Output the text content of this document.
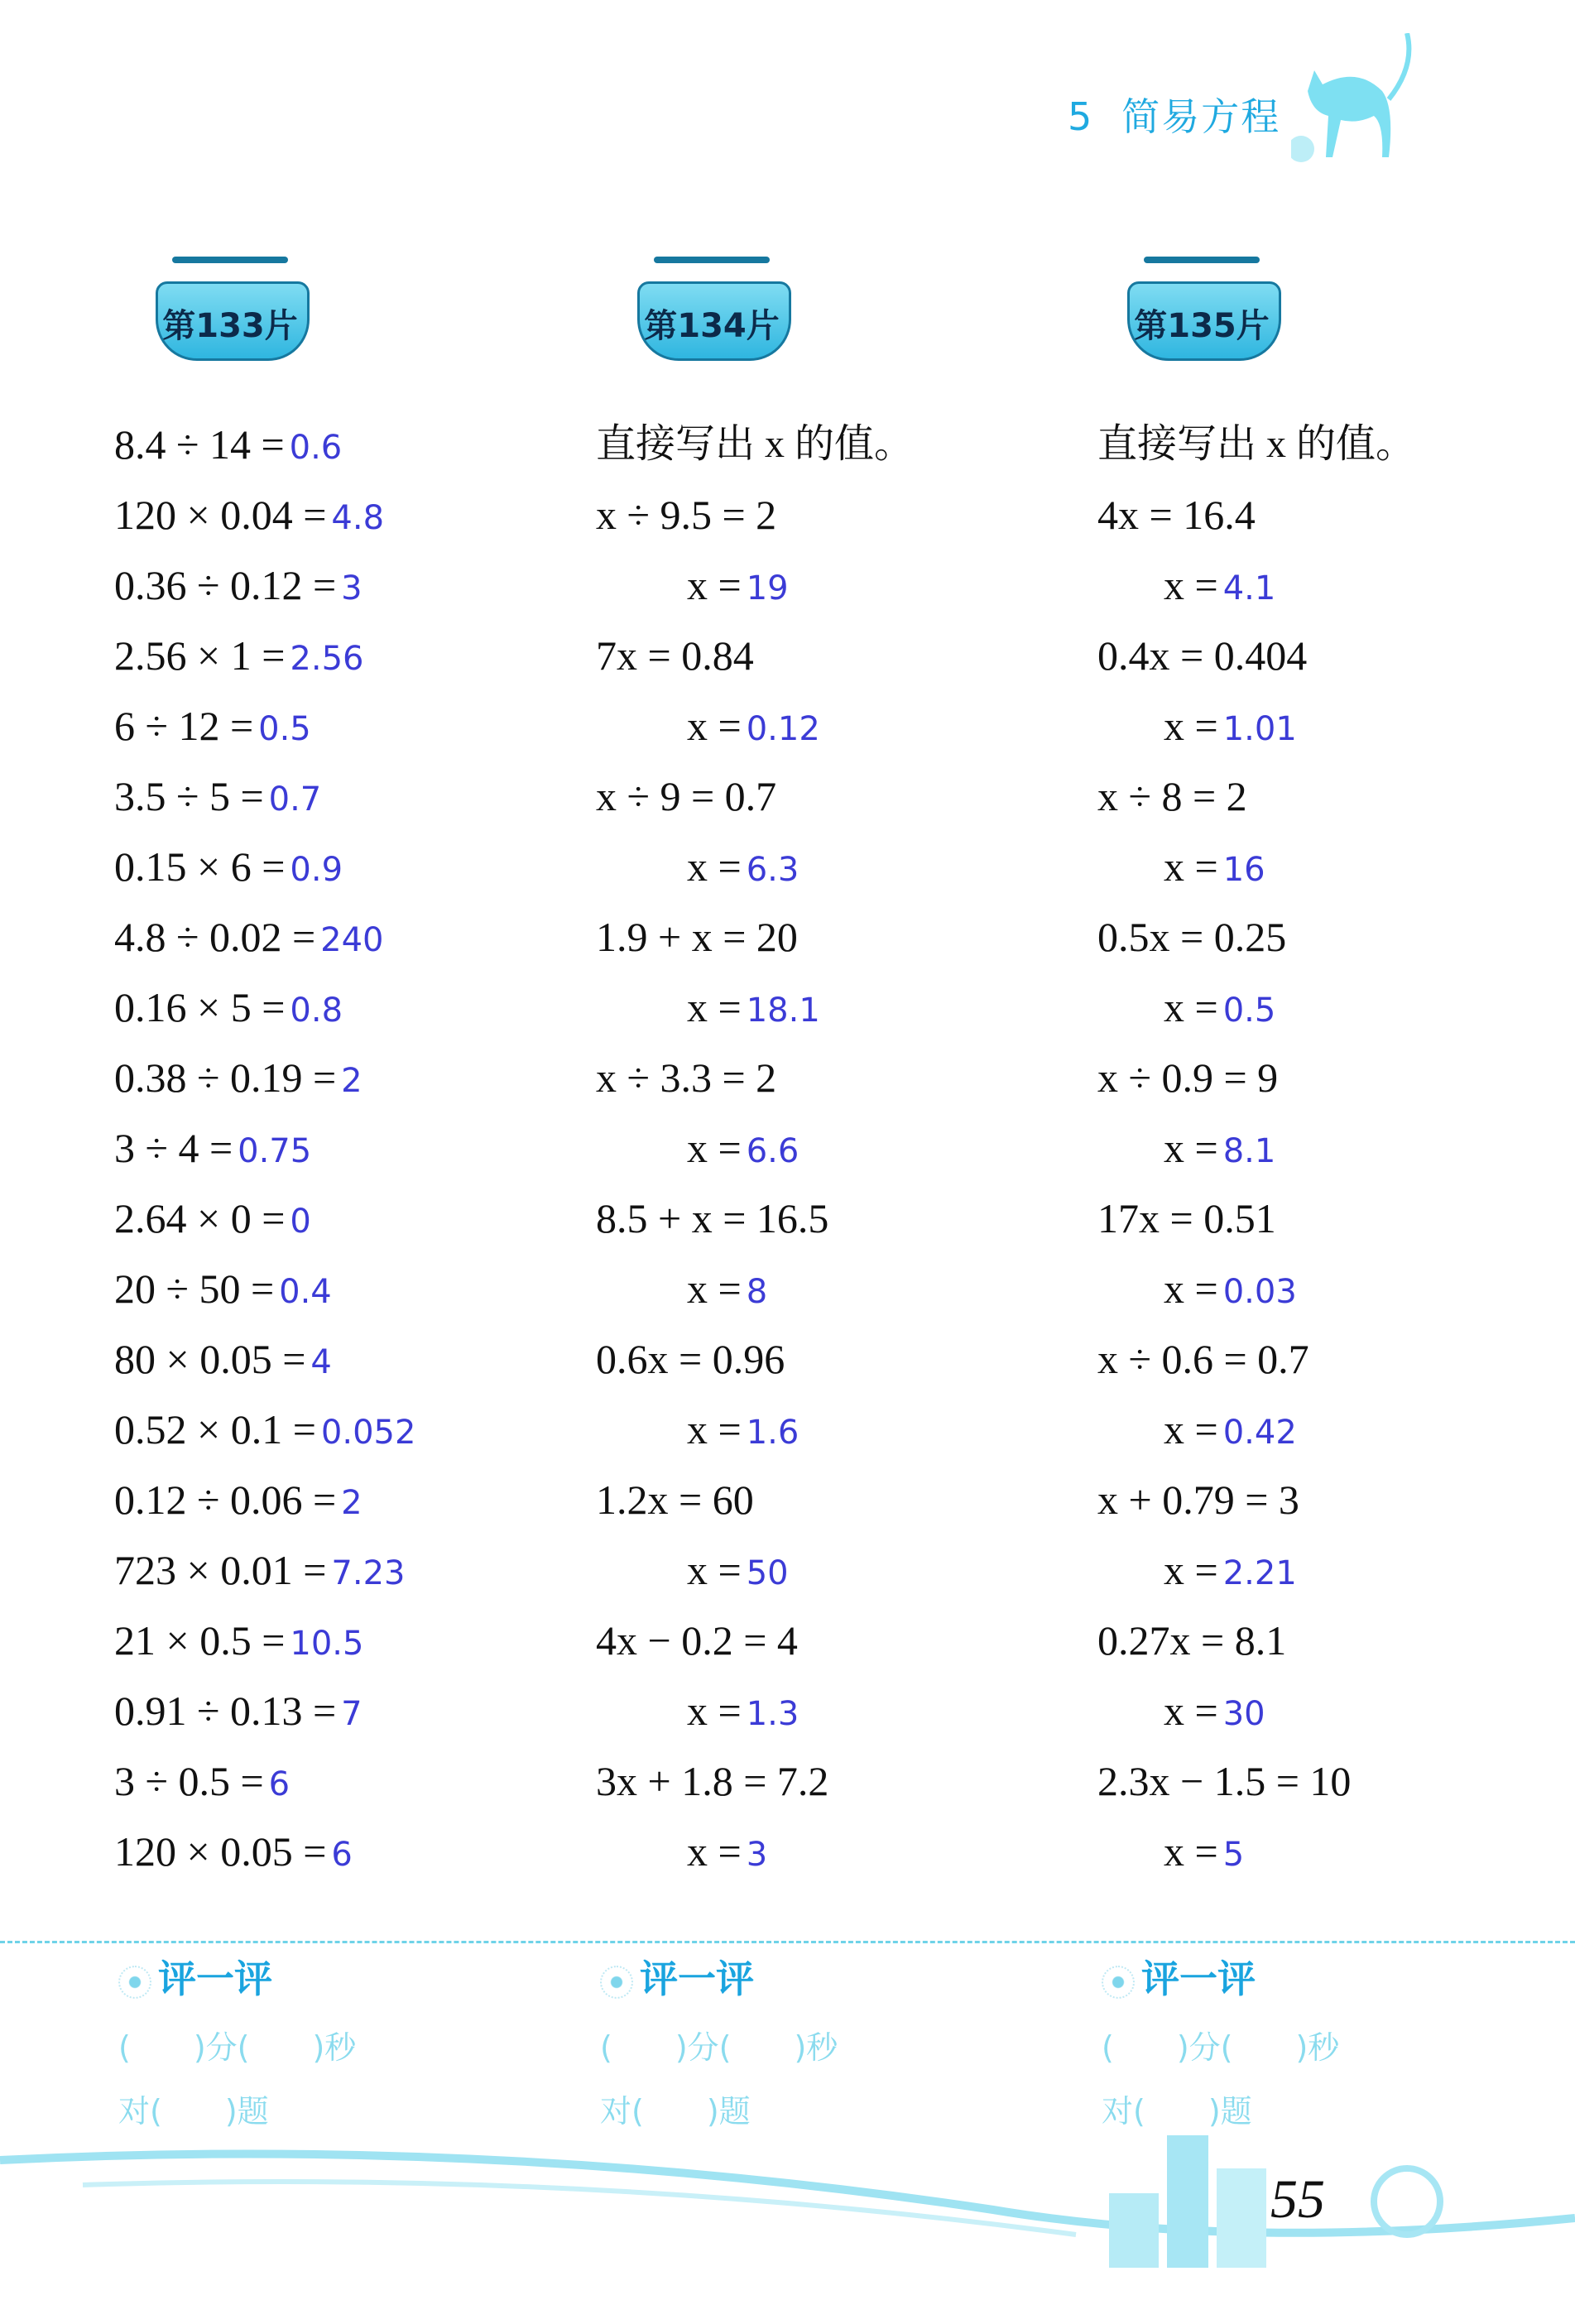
5 简易方程
第133片	第134片	第135片
8.4 ÷ 14 = 0.6
120 × 0.04 = 4.8
0.36 ÷ 0.12 = 3
2.56 × 1 = 2.56
6 ÷ 12 = 0.5
3.5 ÷ 5 = 0.7
0.15 × 6 = 0.9
4.8 ÷ 0.02 = 240
0.16 × 5 = 0.8
0.38 ÷ 0.19 = 2
3 ÷ 4 = 0.75
2.64 × 0 = 0
20 ÷ 50 = 0.4
80 × 0.05 = 4
0.52 × 0.1 = 0.052
0.12 ÷ 0.06 = 2
723 × 0.01 = 7.23
21 × 0.5 = 10.5
0.91 ÷ 0.13 = 7
3 ÷ 0.5 = 6
120 × 0.05 = 6
直接写出 x 的值。
x ÷ 9.5 = 2
x = 19
7x = 0.84
x = 0.12
x ÷ 9 = 0.7
x = 6.3
1.9 + x = 20
x = 18.1
x ÷ 3.3 = 2
x = 6.6
8.5 + x = 16.5
x = 8
0.6x = 0.96
x = 1.6
1.2x = 60
x = 50
4x − 0.2 = 4
x = 1.3
3x + 1.8 = 7.2
x = 3
直接写出 x 的值。
4x = 16.4
x = 4.1
0.4x = 0.404
x = 1.01
x ÷ 8 = 2
x = 16
0.5x = 0.25
x = 0.5
x ÷ 0.9 = 9
x = 8.1
17x = 0.51
x = 0.03
x ÷ 0.6 = 0.7
x = 0.42
x + 0.79 = 3
x = 2.21
0.27x = 8.1
x = 30
2.3x − 1.5 = 10
x = 5
评一评
(　　)分(　　)秒
对(　　)题
评一评
(　　)分(　　)秒
对(　　)题
评一评
(　　)分(　　)秒
对(　　)题
55
